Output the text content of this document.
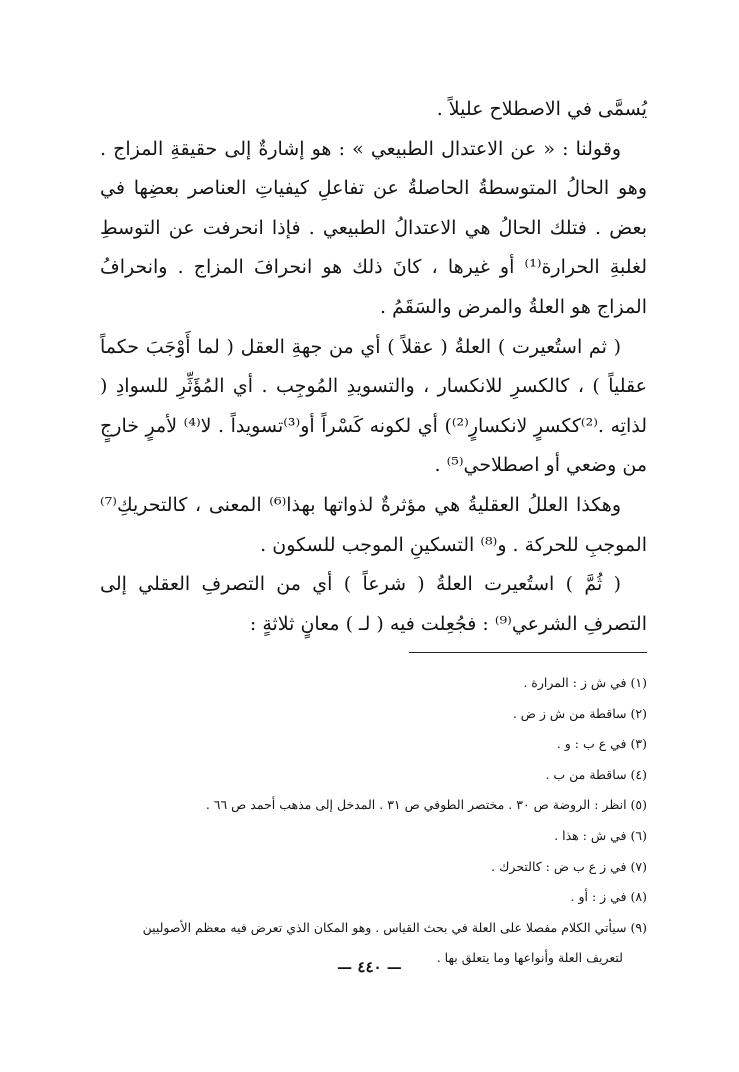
يُسمَّى في الاصطلاح عليلاً .

وقولنا : « عن الاعتدال الطبيعي » : هو إشارةٌ إلى حقيقةِ المزاج . وهو الحالُ المتوسطةُ الحاصلةُ عن تفاعلِ كيفياتِ العناصر بعضِها في بعض . فتلك الحالُ هي الاعتدالُ الطبيعي . فإذا انحرفت عن التوسطِ لغلبةِ الحرارة⁽¹⁾ أو غيرها ، كانَ ذلك هو انحرافَ المزاج . وانحرافُ المزاج هو العلةُ والمرض والسَقَمُ .

( ثم استُعيرت ) العلةُ ( عقلاً ) أي من جهةِ العقل ( لما أَوْجَبَ حكماً عقلياً ) ، كالكسرِ للانكسار ، والتسويدِ المُوجِب . أي المُؤَثِّرِ للسوادِ ( لذاتِه .⁽²⁾ككسرٍ لانكسارٍ⁽²⁾) أي لكونه كَسْراً أو⁽³⁾تسويداً . لا⁽⁴⁾ لأمرٍ خارجٍ من وضعي أو اصطلاحي⁽⁵⁾ .

وهكذا العللُ العقليةُ هي مؤثرةٌ لذواتها بهذا⁽⁶⁾ المعنى ، كالتحريكِ⁽⁷⁾ الموجبِ للحركة . و⁽⁸⁾ التسكينِ الموجب للسكون .

( ثُمَّ ) استُعيرت العلةُ ( شرعاً ) أي من التصرفِ العقلي إلى التصرفِ الشرعي⁽⁹⁾ : فجُعِلت فيه ( لـ ) معانٍ ثلاثةٍ :

(١) في ش ز : المرارة .

(٢) ساقطة من ش ز ض .

(٣) في ع ب : و .

(٤) ساقطة من ب .

(٥) انظر : الروضة ص ٣٠ . مختصر الطوفي ص ٣١ . المدخل إلى مذهب أحمد ص ٦٦ .

(٦) في ش : هذا .

(٧) في ز ع ب ض : كالتحرك .

(٨) في ز : أو .

(٩) سيأتي الكلام مفصلا على العلة في بحث القياس . وهو المكان الذي تعرض فيه معظم الأصوليين

لتعريف العلة وأنواعها وما يتعلق بها .

— ٤٤٠ —
